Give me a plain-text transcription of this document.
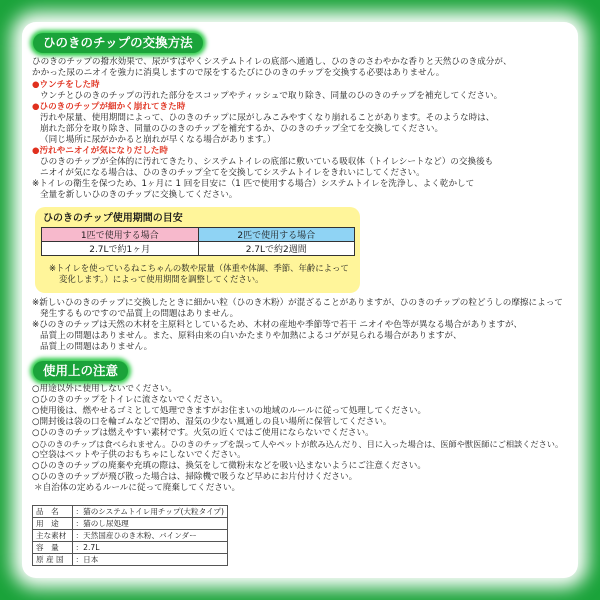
ひのきのチップの交換方法
ひのきのチップの撥水効果で、尿がすばやくシステムトイレの底部へ通過し、ひのきのさわやかな香りと天然ひのき成分が、
かかった尿のニオイを強力に消臭しますので尿をするたびにひのきのチップを交換する必要はありません。
●ウンチをした時
ウンチとひのきのチップの汚れた部分をスコップやティッシュで取り除き、同量のひのきのチップを補充してください。
●ひのきのチップが細かく崩れてきた時
汚れや尿量、使用期間によって、ひのきのチップに尿がしみこみやすくなり崩れることがあります。そのような時は、
崩れた部分を取り除き、同量のひのきのチップを補充するか、ひのきのチップ全てを交換してください。
（同じ場所に尿がかかると崩れが早くなる場合があります。）
●汚れやニオイが気になりだした時
ひのきのチップが全体的に汚れてきたり、システムトイレの底部に敷いている吸収体（トイレシートなど）の交換後も
ニオイが気になる場合は、ひのきのチップ全てを交換してシステムトイレをきれいにしてください。
※トイレの衛生を保つため、1ヶ月に 1 回を目安に（1 匹で使用する場合）システムトイレを洗浄し、よく乾かして
全量を新しいひのきのチップに交換してください。
ひのきのチップ使用期間の目安
1匹で使用する場合	2匹で使用する場合
2.7Lで約1ヶ月	2.7Lで約2週間
※トイレを使っているねこちゃんの数や尿量（体重や体調、季節、年齢によって
変化します。）によって使用期間を調整してください。
※新しいひのきのチップに交換したときに細かい粒（ひのき木粉）が混ざることがありますが、ひのきのチップの粒どうしの摩擦によって
発生するものですので品質上の問題はありません。
※ひのきのチップは天然の木材を主原料としているため、木材の産地や季節等で若干 ニオイや色等が異なる場合がありますが、
品質上の問題はありません。また、原料由来の白いかたまりや加熱によるコゲが見られる場合がありますが、
品質上の問題はありません。
使用上の注意
○用途以外に使用しないでください。
○ひのきのチップをトイレに流さないでください。
○使用後は、燃やせるゴミとして処理できますがお住まいの地域のルールに従って処理してください。
○開封後は袋の口を輪ゴムなどで閉め、湿気の少ない風通しの良い場所に保管してください。
○ひのきのチップは燃えやすい素材です。火気の近くではご使用にならないでください。
○ひのきのチップは食べられません。ひのきのチップを誤って人やペットが飲み込んだり、目に入った場合は、医師や獣医師にご相談ください。
○空袋はペットや子供のおもちゃにしないでください。
○ひのきのチップの廃棄や充填の際は、換気をして微粉末などを吸い込まないようにご注意ください。
○ひのきのチップが飛び散った場合は、掃除機で吸うなど早めにお片付けください。
＊自治体の定めるルールに従って廃棄してください。
品　名	：猫のシステムトイレ用チップ(大粒タイプ)
用　途	：猫のし尿処理
主な素材	：天然国産ひのき木粉、バインダー
容　量	：2.7L
原 産 国	：日本
